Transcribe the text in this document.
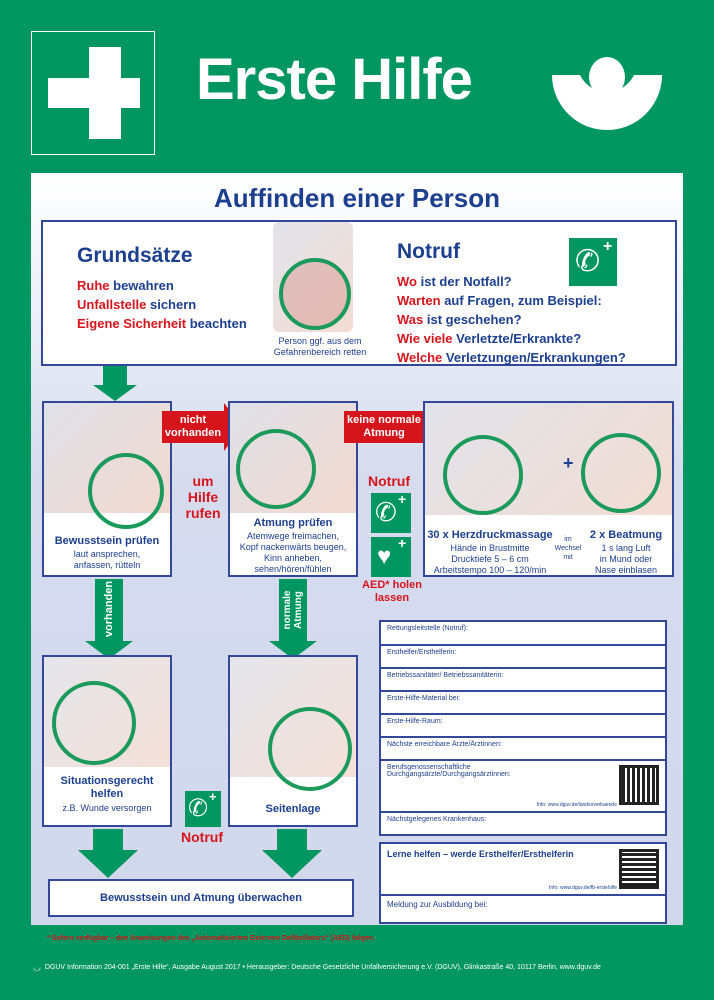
Erste Hilfe
Auffinden einer Person
Grundsätze
Ruhe bewahren
Unfallstelle sichern
Eigene Sicherheit beachten
Person ggf. aus dem
Gefahrenbereich retten
Notruf	✆ +
Wo ist der Notfall?
Warten auf Fragen, zum Beispiel:
Was ist geschehen?
Wie viele Verletzte/Erkrankte?
Welche Verletzungen/Erkrankungen?
Bewusstsein prüfen
laut ansprechen,
anfassen, rütteln
nicht
vorhanden
um
Hilfe
rufen
Atmung prüfen
Atemwege freimachen,
Kopf nackenwärts beugen,
Kinn anheben,
sehen/hören/fühlen
keine normale
Atmung
Notruf
✆ +
♥ +
AED* holen
lassen
+
30 x Herzdruckmassage
Hände in Brustmitte
Drucktiefe 5 – 6 cm
Arbeitstempo 100 – 120/min
im
Wechsel
mit
2 x Beatmung
1 s lang Luft
in Mund oder
Nase einblasen
vorhanden	normale Atmung
Situationsgerecht
helfen
z.B. Wunde versorgen	Seitenlage
✆ +
Notruf
Bewusstsein und Atmung überwachen
Rettungsleitstelle (Notruf):
Ersthelfer/Ersthelferin:
Betriebssanitäter/ Betriebssanitäterin:
Erste-Hilfe-Material bei:
Erste-Hilfe-Raum:
Nächste erreichbare Ärzte/Ärztinnen:
Berufsgenossenschaftliche Durchgangsärzte/Durchgangsärztinnen:
Info: www.dguv.de/landesverbaende
Nächstgelegenes Krankenhaus:
Lerne helfen – werde Ersthelfer/Ersthelferin
Info: www.dguv.de/fb-erstehilfe
Meldung zur Ausbildung bei:
* Sofern verfügbar – den Anweisungen des „Automatisierten Externen Defibrillators“ (AED) folgen.
◡ DGUV Information 204-001 „Erste Hilfe“, Ausgabe August 2017 • Herausgeber: Deutsche Gesetzliche Unfallversicherung e.V. (DGUV), Glinkastraße 40, 10117 Berlin, www.dguv.de
